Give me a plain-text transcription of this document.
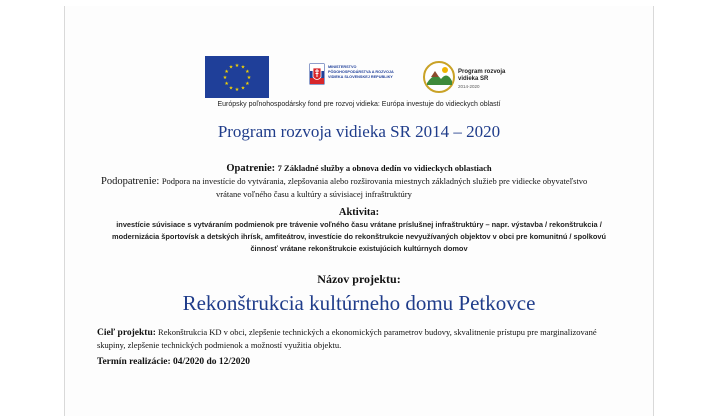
★ ★
★
★
★
★
★
★
★
★
★
★	MINISTERSTVO PÔDOHOSPODÁRSTVA A ROZVOJA VIDIEKA SLOVENSKEJ REPUBLIKY
Program rozvoja vidieka SR
2014-2020
Európsky poľnohospodársky fond pre rozvoj vidieka: Európa investuje do vidieckych oblastí
Program rozvoja vidieka SR 2014 – 2020
Opatrenie: 7 Základné služby a obnova dedín vo vidieckych oblastiach
Podopatrenie: Podpora na investície do vytvárania, zlepšovania alebo rozširovania miestnych základných služieb pre vidiecke obyvateľstvo
vrátane voľného času a kultúry a súvisiacej infraštruktúry
Aktivita:
investície súvisiace s vytváraním podmienok pre trávenie voľného času vrátane príslušnej infraštruktúry – napr. výstavba / rekonštrukcia /
modernizácia športovísk a detských ihrísk, amfiteátrov, investície do rekonštrukcie nevyužívaných objektov v obci pre komunitnú / spolkovú
činnosť vrátane rekonštrukcie existujúcich kultúrnych domov
Názov projektu:
Rekonštrukcia kultúrneho domu Petkovce
Cieľ projektu: Rekonštrukcia KD v obci, zlepšenie technických a ekonomických parametrov budovy, skvalitnenie prístupu pre marginalizované skupiny, zlepšenie technických podmienok a možností využitia objektu.
Termín realizácie: 04/2020 do 12/2020
